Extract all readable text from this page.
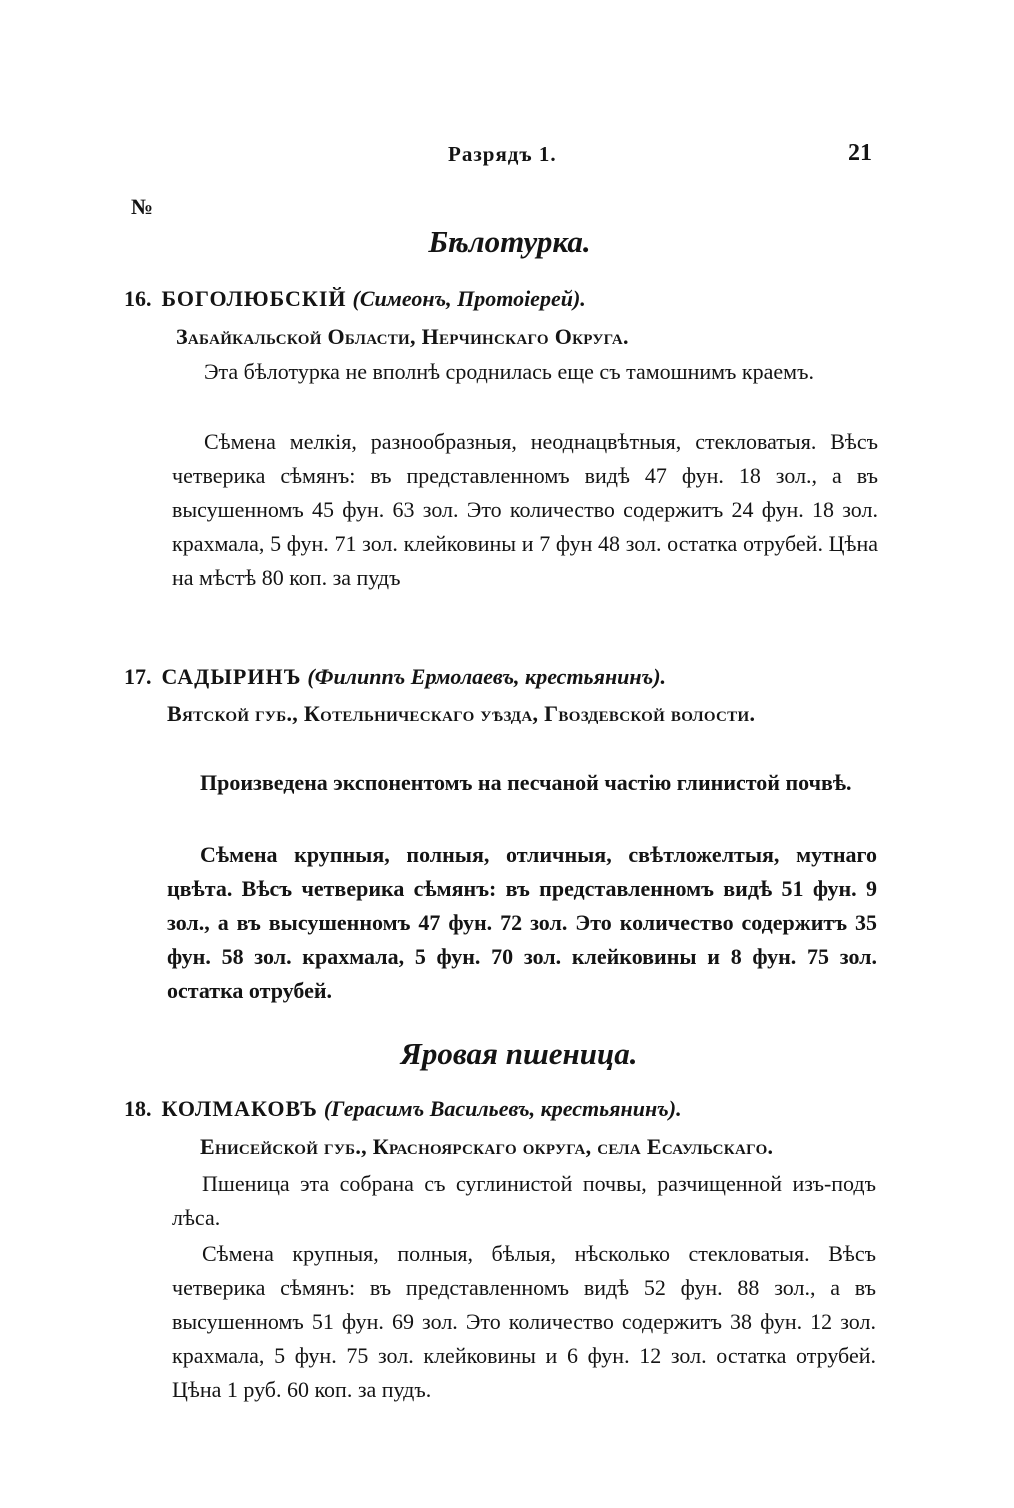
Разрядъ 1.	21
№
Бѣлотурка.
16. БОГОЛЮБСКІЙ (Симеонъ, Протоіерей).
Забайкальской Области, Нерчинскаго Округа.
Эта бѣлотурка не вполнѣ сроднилась еще съ тамошнимъ краемъ.
Сѣмена мелкія, разнообразныя, неоднацвѣтныя, стекловатыя. Вѣсъ четверика сѣмянъ: въ представленномъ видѣ 47 фун. 18 зол., а въ высушенномъ 45 фун. 63 зол. Это количество содержитъ 24 фун. 18 зол. крахмала, 5 фун. 71 зол. клейковины и 7 фун 48 зол. остатка отрубей. Цѣна на мѣстѣ 80 коп. за пудъ
17. САДЫРИНЪ (Филиппъ Ермолаевъ, крестьянинъ).
Вятской губ., Котельническаго уѣзда, Гвоздевской волости.
Произведена экспонентомъ на песчаной частію глинистой почвѣ.
Сѣмена крупныя, полныя, отличныя, свѣтложелтыя, мутнаго цвѣта. Вѣсъ четверика сѣмянъ: въ представленномъ видѣ 51 фун. 9 зол., а въ высушенномъ 47 фун. 72 зол. Это количество содержитъ 35 фун. 58 зол. крахмала, 5 фун. 70 зол. клейковины и 8 фун. 75 зол. остатка отрубей.
Яровая пшеница.
18. КОЛМАКОВЪ (Герасимъ Васильевъ, крестьянинъ).
Енисейской губ., Красноярскаго округа, села Есаульскаго.
Пшеница эта собрана съ суглинистой почвы, разчищенной изъ-подъ лѣса.
Сѣмена крупныя, полныя, бѣлыя, нѣсколько стекловатыя. Вѣсъ четверика сѣмянъ: въ представленномъ видѣ 52 фун. 88 зол., а въ высушенномъ 51 фун. 69 зол. Это количество содержитъ 38 фун. 12 зол. крахмала, 5 фун. 75 зол. клейковины и 6 фун. 12 зол. остатка отрубей. Цѣна 1 руб. 60 коп. за пудъ.
